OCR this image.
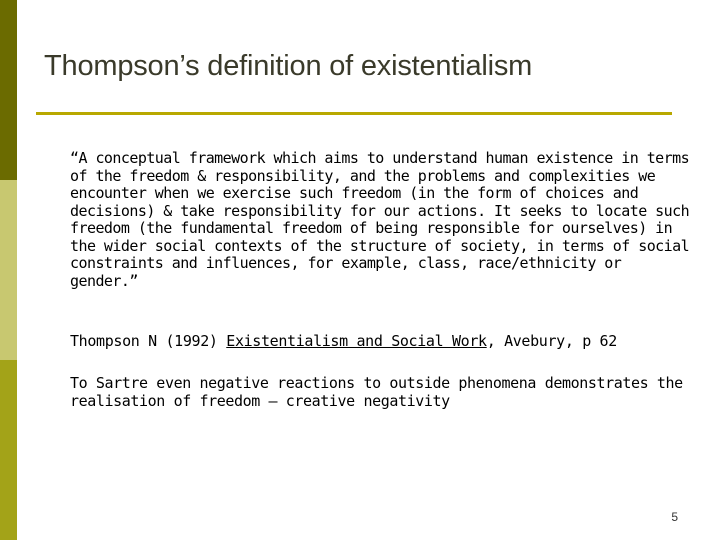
Thompson’s definition of existentialism
“A conceptual framework which aims to understand human existence in terms of the freedom & responsibility, and the problems and complexities we encounter when we exercise such freedom (in the form of choices and decisions) & take responsibility for our actions. It seeks to locate such freedom (the fundamental freedom of being responsible for ourselves) in the wider social contexts of the structure of society, in terms of social constraints and influences, for example, class, race/ethnicity or gender.”
Thompson N (1992) Existentialism and Social Work, Avebury, p 62
To Sartre even negative reactions to outside phenomena demonstrates the realisation of freedom – creative negativity
5
